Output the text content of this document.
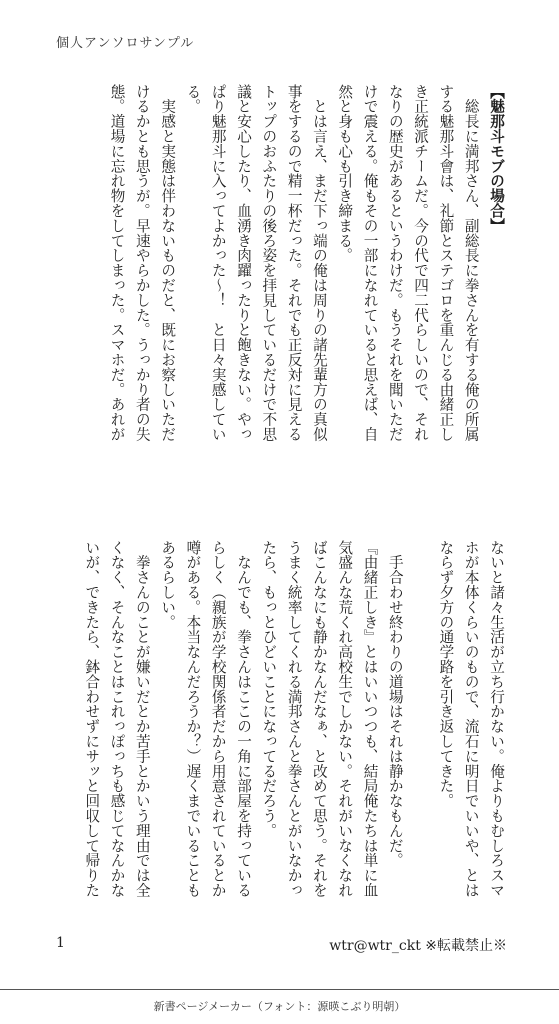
個人アンソロサンプル

【魅那斗モブの場合】

　総長に満邦さん、副総長に拳さんを有する俺の所属

する魅那斗會は、礼節とステゴロを重んじる由緒正し

き正統派チームだ。今の代で四二代らしいので、それ

なりの歴史があるというわけだ。もうそれを聞いただ

けで震える。俺もその一部になれていると思えば、自

然と身も心も引き締まる。

　とは言え、まだ下っ端の俺は周りの諸先輩方の真似

事をするので精一杯だった。それでも正反対に見える

トップのおふたりの後ろ姿を拝見しているだけで不思

議と安心したり、血湧き肉躍ったりと飽きない。やっ

ぱり魅那斗に入ってよかった～！　と日々実感してい

る。

　実感と実態は伴わないものだと、既にお察しいただ

けるかとも思うが。早速やらかした。うっかり者の失

態。道場に忘れ物をしてしまった。スマホだ。あれが

ないと諸々生活が立ち行かない。俺よりもむしろスマ

ホが本体くらいのもので、流石に明日でいいや、とは

ならず夕方の通学路を引き返してきた。

　手合わせ終わりの道場はそれは静かなもんだ。

『由緒正しき』とはいいつつも、結局俺たちは単に血

気盛んな荒くれ高校生でしかない。それがいなくなれ

ばこんなにも静かなんだなぁ、と改めて思う。それを

うまく統率してくれる満邦さんと拳さんとがいなかっ

たら、もっとひどいことになってるだろう。

　なんでも、拳さんはここの一角に部屋を持っている

らしく（親族が学校関係者だから用意されているとか

噂がある。本当なんだろうか？）遅くまでいることも

あるらしい。

　拳さんのことが嫌いだとか苦手とかいう理由では全

くなく、そんなことはこれっぽっちも感じてなんかな

いが、できたら、鉢合わせずにサッと回収して帰りた

1	wtr@wtr_ckt ※転載禁止※
新書ページメーカー（フォント：源暎こぶり明朝）
